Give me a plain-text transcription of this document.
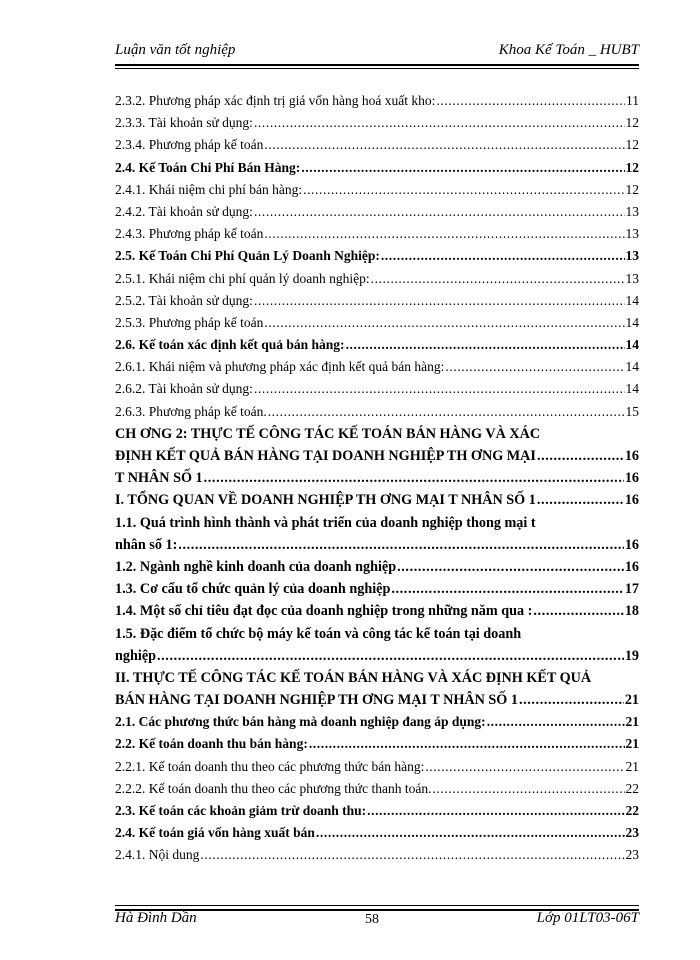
Luận văn tốt nghiệp	Khoa Kế Toán _ HUBT
2.3.2. Phương pháp xác định trị giá vốn hàng hoá xuất kho: .....	11
2.3.3. Tài khoản sử dụng: .....	12
2.3.4. Phương pháp kế toán .....	12
2.4. Kế Toán Chi Phí Bán Hàng: .....	12
2.4.1. Khái niệm chi phí bán hàng: .....	12
2.4.2. Tài khoản sử dụng: .....	13
2.4.3. Phương pháp kế toán .....	13
2.5. Kế Toán Chi Phí Quản Lý Doanh Nghiệp: .....	13
2.5.1. Khái niệm chi phí quản lý doanh nghiệp: .....	13
2.5.2. Tài khoản sử dụng: .....	14
2.5.3. Phương pháp kế toán .....	14
2.6. Kế toán xác định kết quả bán hàng: .....	14
2.6.1. Khái niệm và phương pháp xác định kết quả bán hàng: .....	14
2.6.2. Tài khoản sử dụng: .....	14
2.6.3. Phương pháp kế toán. .....	15
CH ƠNG 2: THỰC TẾ CÔNG TÁC KẾ TOÁN BÁN HÀNG VÀ XÁC
ĐỊNH KẾT QUẢ BÁN HÀNG TẠI DOANH NGHIỆP TH ƠNG MẠI .....	16
T NHÂN SỐ 1 .....	16
I. TỔNG QUAN VỀ DOANH NGHIỆP TH ƠNG MẠI T NHÂN SỐ 1 .....	16
1.1. Quá trình hình thành và phát triển của doanh nghiệp thong mại t
nhân số 1: .....	16
1.2. Ngành nghề kinh doanh của doanh nghiệp .....	16
1.3. Cơ cấu tổ chức quản lý của doanh nghiệp .....	17
1.4. Một số chỉ tiêu đạt đọc của doanh nghiệp trong những năm qua : .....	18
1.5. Đặc điểm tổ chức bộ máy kế toán và công tác kế toán tại doanh
nghiệp .....	19
II. THỰC TẾ CÔNG TÁC KẾ TOÁN BÁN HÀNG VÀ XÁC ĐỊNH KẾT QUẢ
BÁN HÀNG TẠI DOANH NGHIỆP TH ƠNG MẠI T NHÂN SỐ 1 .....	21
2.1. Các phương thức bán hàng mà doanh nghiệp đang áp dụng: .....	21
2.2. Kế toán doanh thu bán hàng: .....	21
2.2.1. Kế toán doanh thu theo các phương thức bán hàng: .....	21
2.2.2. Kế toán doanh thu theo các phương thức thanh toán. .....	22
2.3. Kế toán các khoản giảm trừ doanh thu: .....	22
2.4. Kế toán giá vốn hàng xuất bán .....	23
2.4.1. Nội dung .....	23
Hà Đình Dần	58	Lớp 01LT03-06T
